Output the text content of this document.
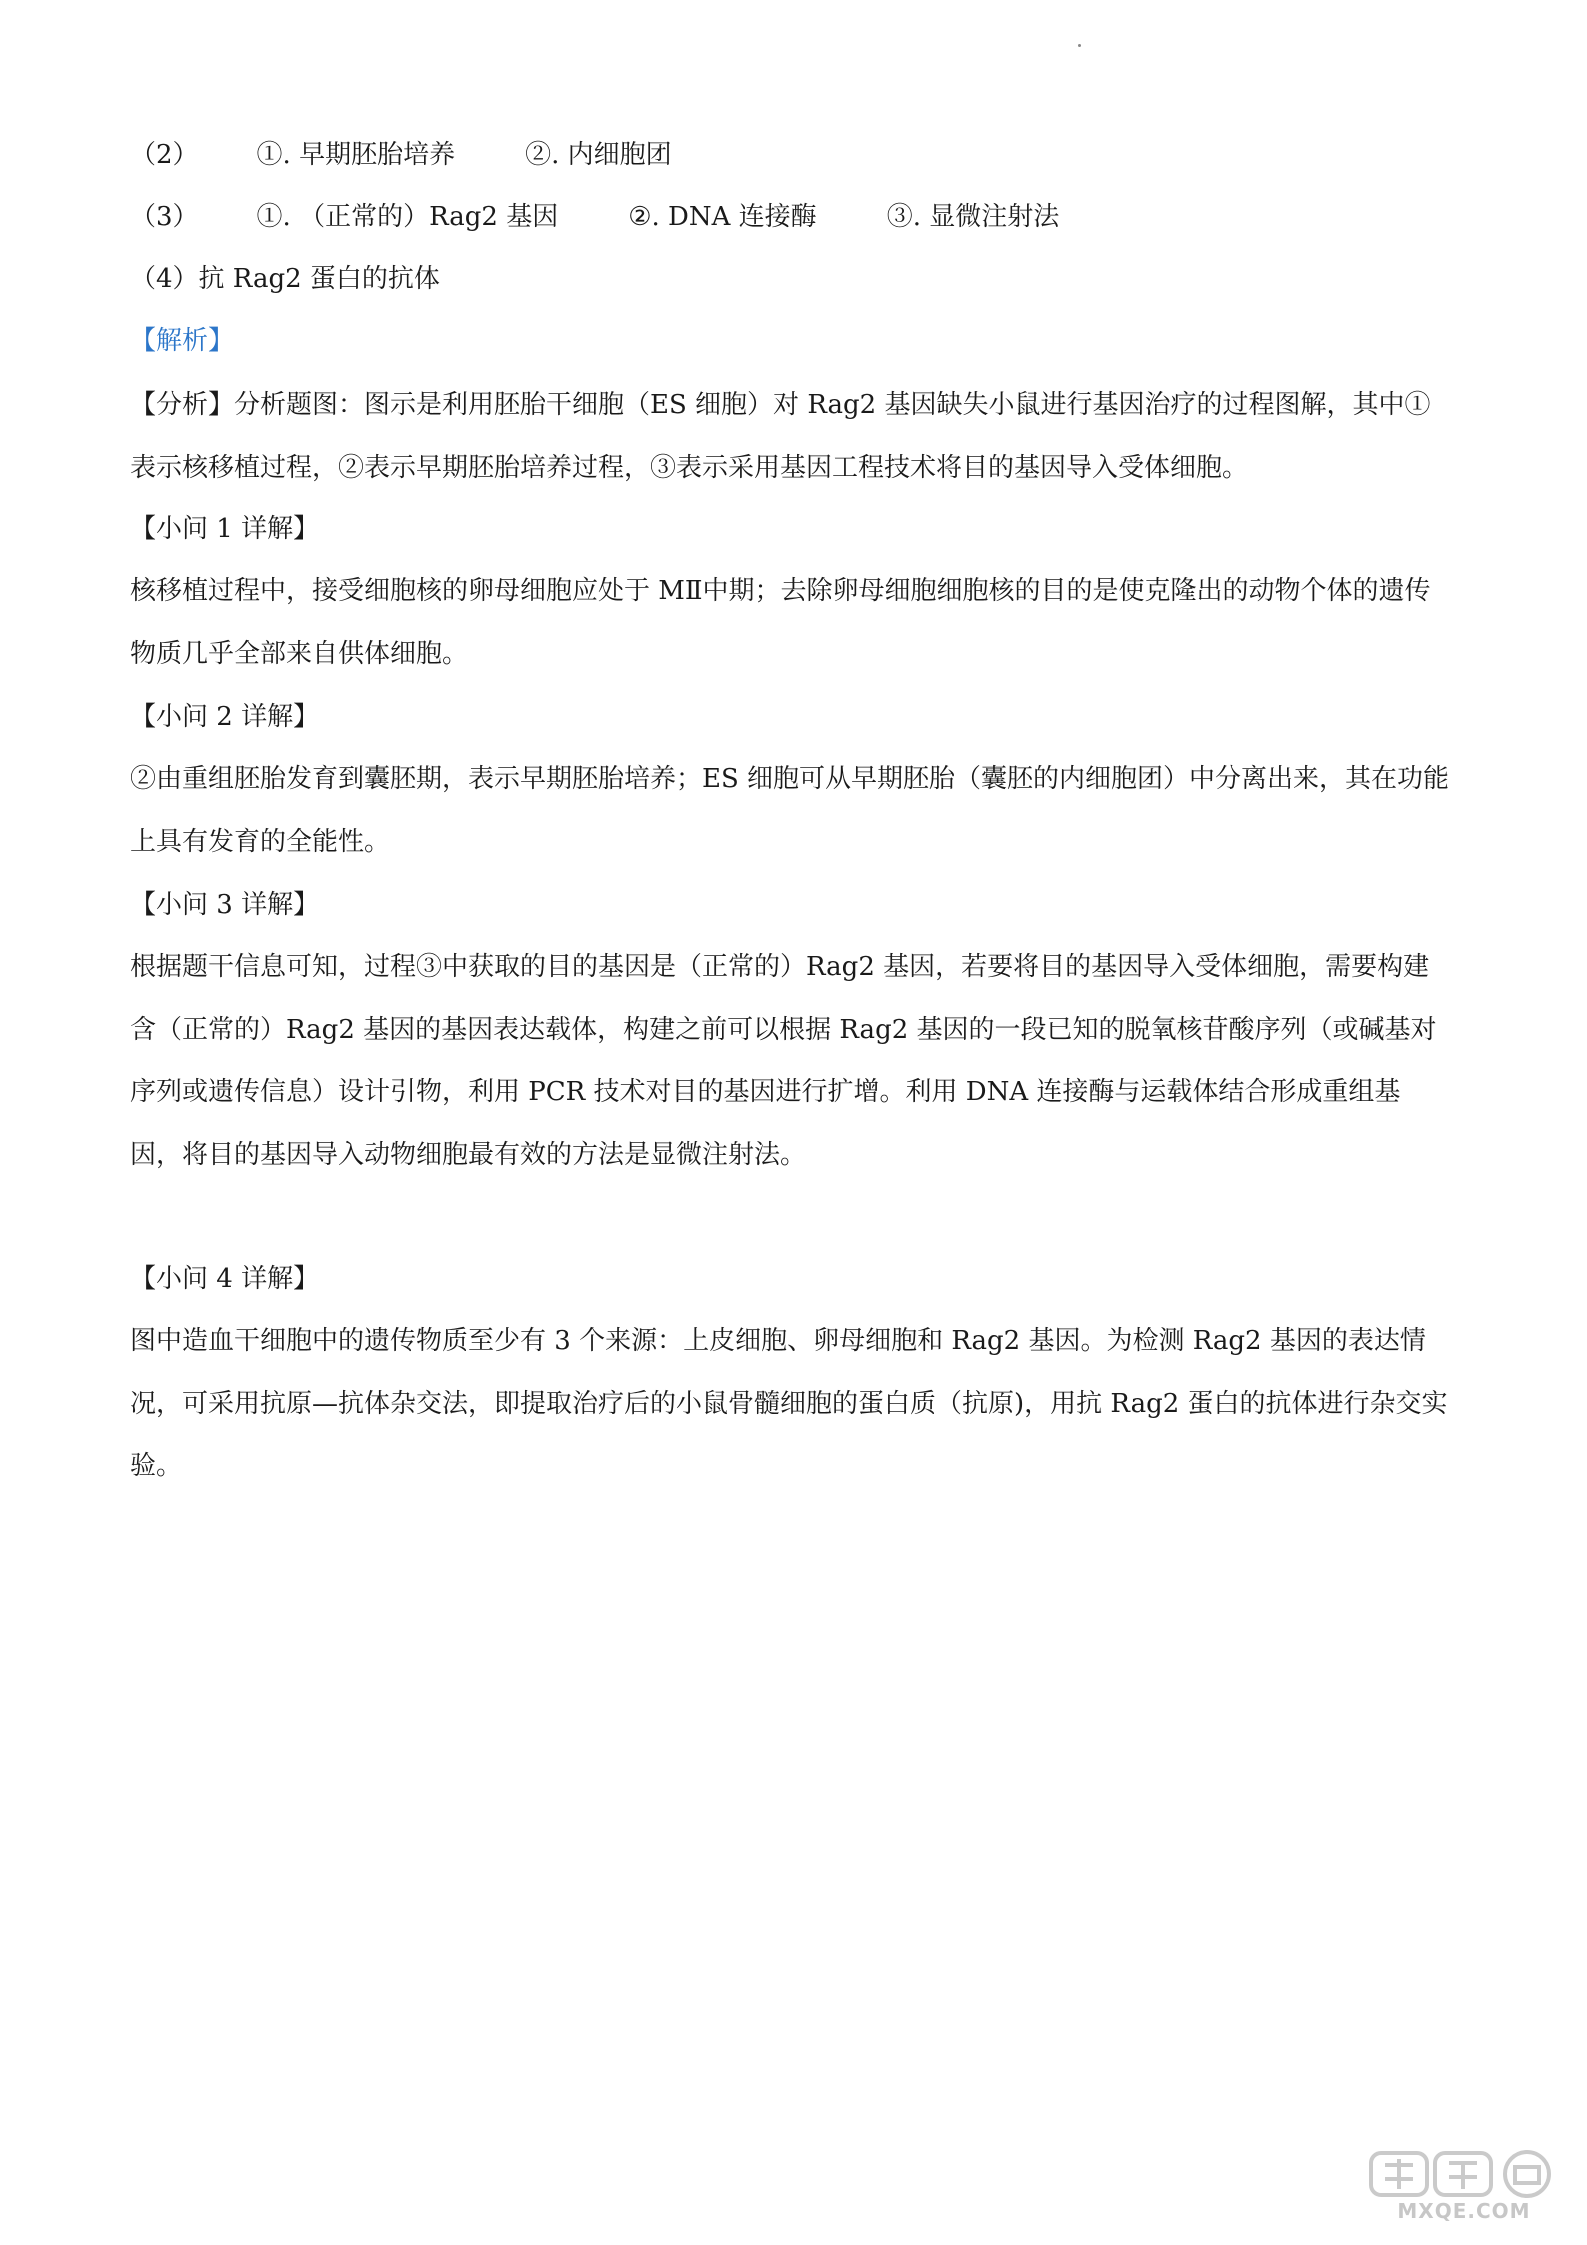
（2） ①. 早期胚胎培养	②. 内细胞团
（3） ①. （正常的）Rag2 基因	②. DNA 连接酶	③. 显微注射法
（4）抗 Rag2 蛋白的抗体
【解析】
【分析】分析题图：图示是利用胚胎干细胞（ES 细胞）对 Rag2 基因缺失小鼠进行基因治疗的过程图解，其中①表示核移植过程，②表示早期胚胎培养过程，③表示采用基因工程技术将目的基因导入受体细胞。
【小问 1 详解】
核移植过程中，接受细胞核的卵母细胞应处于 MⅡ中期；去除卵母细胞细胞核的目的是使克隆出的动物个体的遗传物质几乎全部来自供体细胞。
【小问 2 详解】
②由重组胚胎发育到囊胚期，表示早期胚胎培养；ES 细胞可从早期胚胎（囊胚的内细胞团）中分离出来，其在功能上具有发育的全能性。
【小问 3 详解】
根据题干信息可知，过程③中获取的目的基因是（正常的）Rag2 基因，若要将目的基因导入受体细胞，需要构建含（正常的）Rag2 基因的基因表达载体，构建之前可以根据 Rag2 基因的一段已知的脱氧核苷酸序列（或碱基对序列或遗传信息）设计引物，利用 PCR 技术对目的基因进行扩增。利用 DNA 连接酶与运载体结合形成重组基因，将目的基因导入动物细胞最有效的方法是显微注射法。
【小问 4 详解】
图中造血干细胞中的遗传物质至少有 3 个来源：上皮细胞、卵母细胞和 Rag2 基因。为检测 Rag2 基因的表达情况，可采用抗原—抗体杂交法，即提取治疗后的小鼠骨髓细胞的蛋白质（抗原)，用抗 Rag2 蛋白的抗体进行杂交实验。
MXQE.COM
